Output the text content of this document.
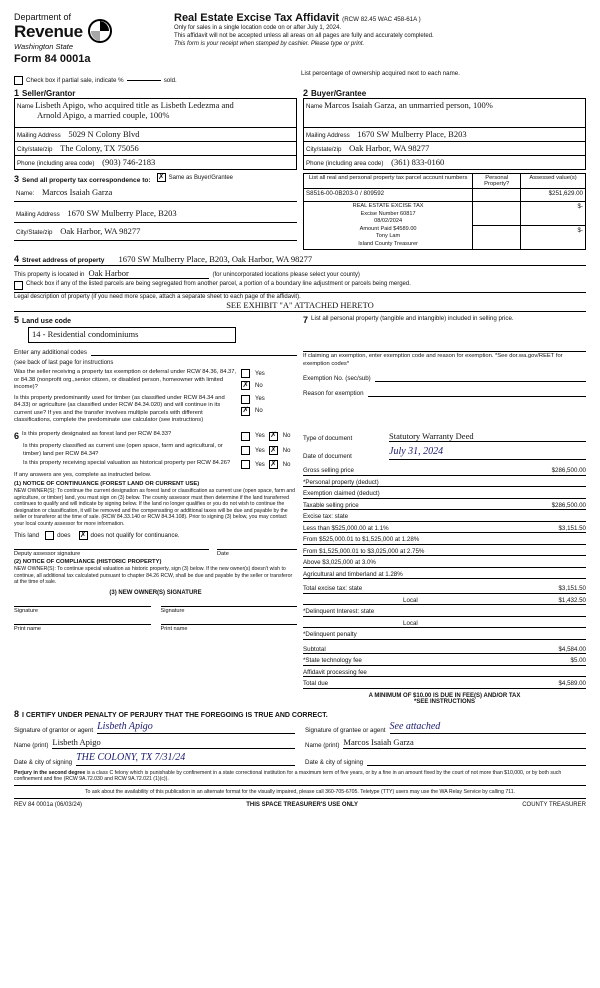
Department of
Revenue
Washington State
Form 84 0001a
Real Estate Excise Tax Affidavit (RCW 82.45 WAC 458-61A )
Only for sales in a single location code on or after July 1, 2024.
This affidavit will not be accepted unless all areas on all pages are fully and accurately completed.
This form is your receipt when stamped by cashier. Please type or print.
Check box if partial sale, indicate %	sold.
List percentage of ownership acquired next to each name.
1 Seller/Grantor
Name Lisbeth Apigo, who acquired title as Lisbeth Ledezma and
Arnold Apigo, a married couple, 100%
Mailing Address 5029 N Colony Blvd
City/state/zip The Colony, TX 75056
Phone (including area code) (903) 746-2183
2 Buyer/Grantee
Name Marcos Isaiah Garza, an unmarried person, 100%
Mailing Address 1670 SW Mulberry Place, B203
City/state/zip Oak Harbor, WA 98277
Phone (including area code) (361) 833-0160
3 Send all property tax correspondence to: ✗	Same as Buyer/Grantee
Name: Marcos Isaiah Garza
Mailing Address 1670 SW Mulberry Place, B203
City/State/zip Oak Harbor, WA 98277
List all real and personal property tax parcel account numbers	Personal Property?	Assessed value(s)
S8516-00-0B203-0 / 809592		$251,629.00

REAL ESTATE EXCISE TAX
Excise Number 60817
08/02/2024
Amount Paid $4589.00
Tony Lam
Island County Treasurer
		$-
		$-
4 Street address of property 1670 SW Mulberry Place, B203, Oak Harbor, WA 98277
This property is located in Oak Harbor	(for unincorporated locations please select your county)
Check box if any of the listed parcels are being segregated from another parcel, a portion of a boundary line adjustment or parcels being merged.
Legal description of property (if you need more space, attach a separate sheet to each page of the affidavit).
SEE EXHIBIT "A" ATTACHED HERETO
5 Land use code
14 - Residential condominiums
Enter any additional codes
(see back of last page for instructions
Was the seller receiving a property tax exemption or deferral under RCW 84.36, 84.37, or 84.38 (nonprofit org.,senior citizen, or disabled person, homeowner with limited income)?
Yes
✗
No
Is this property predominantly used for timber (as classified under RCW 84.34 and 84.33) or agriculture (as classified under RCW 84.34.020) and will continue in its current use? If yes and the transfer involves multiple parcels with different classifications, complete the predominate use calculator (see instructions)
Yes
✗
No
7 List all personal property (tangible and intangible) included in selling price.
If claiming an exemption, enter exemption code and reason for exemption. *See dor.wa.gov/REET for exemption codes*
Exemption No. (sec/sub)
Reason for exemption
6 Is this property designated as forest land per RCW 84.33?	Yes ✗	No
Is this property classified as current use (open space, farm and agricultural, or timber) land per RCW 84.34?	Yes ✗	No
Is this property receiving special valuation as historical property per RCW 84.26?	Yes ✗	No
If any answers are yes, complete as instructed below.
(1) NOTICE OF CONTINUANCE (FOREST LAND OR CURRENT USE)
NEW OWNER(S): To continue the current designation as forest land or classification as current use (open space, farm and agriculture, or timber) land, you must sign on (3) below. The county assessor must then determine if the land transferred continues to qualify and will indicate by signing below. If the land no longer qualifies or you do not wish to continue the designation or classification, it will be removed and the compensating or additional taxes will be due and payable by the seller or transferor at the time of sale. (RCW 84.33.140 or RCW 84.34.108). Prior to signing (3) below, you may contact your local county assessor for more information.
This land	does ✗	does not qualify for continuance.
Deputy assessor signature	Date
(2) NOTICE OF COMPLIANCE (HISTORIC PROPERTY)
NEW OWNER(S): To continue special valuation as historic property, sign (3) below. If the new owner(s) doesn't wish to continue, all additional tax calculated pursuant to chapter 84.26 RCW, shall be due and payable by the seller or transferor at the time of sale.
(3) NEW OWNER(S) SIGNATURE
Signature	Signature
Print name	Print name
Type of document	Statutory Warranty Deed
Date of document	July 31, 2024
Gross selling price	$286,500.00
*Personal property (deduct)
Exemption claimed (deduct)
Taxable selling price	$286,500.00
Excise tax: state
Less than $525,000.00 at 1.1%	$3,151.50
From $525,000.01 to $1,525,000 at 1.28%
From $1,525,000.01 to $3,025,000 at 2.75%
Above $3,025,000 at 3.0%
Agricultural and timberland at 1.28%
Total excise tax: state	$3,151.50
Local	$1,432.50
*Delinquent Interest: state
Local
*Delinquent penalty
Subtotal	$4,584.00
*State technology fee	$5.00
Affidavit processing fee
Total due	$4,589.00
A MINIMUM OF $10.00 IS DUE IN FEE(S) AND/OR TAX
*SEE INSTRUCTIONS
8 I CERTIFY UNDER PENALTY OF PERJURY THAT THE FOREGOING IS TRUE AND CORRECT.
Signature of grantor or agent Lisbeth Apigo
Name (print) Lisbeth Apigo
Date & city of signing THE COLONY, TX 7/31/24
Signature of grantee or agent See attached
Name (print) Marcos Isaiah Garza
Date & city of signing
Perjury in the second degree is a class C felony which is punishable by confinement in a state correctional institution for a maximum term of five years, or by a fine in an amount fixed by the court of not more than $10,000, or by both such confinement and fine (RCW 9A.72.030 and RCW 9A.72.021 (1)(c)).
To ask about the availability of this publication in an alternate format for the visually impaired, please call 360-705-6705. Teletype (TTY) users may use the WA Relay Service by calling 711.
REV 84 0001a (06/03/24)	THIS SPACE TREASURER'S USE ONLY	COUNTY TREASURER
